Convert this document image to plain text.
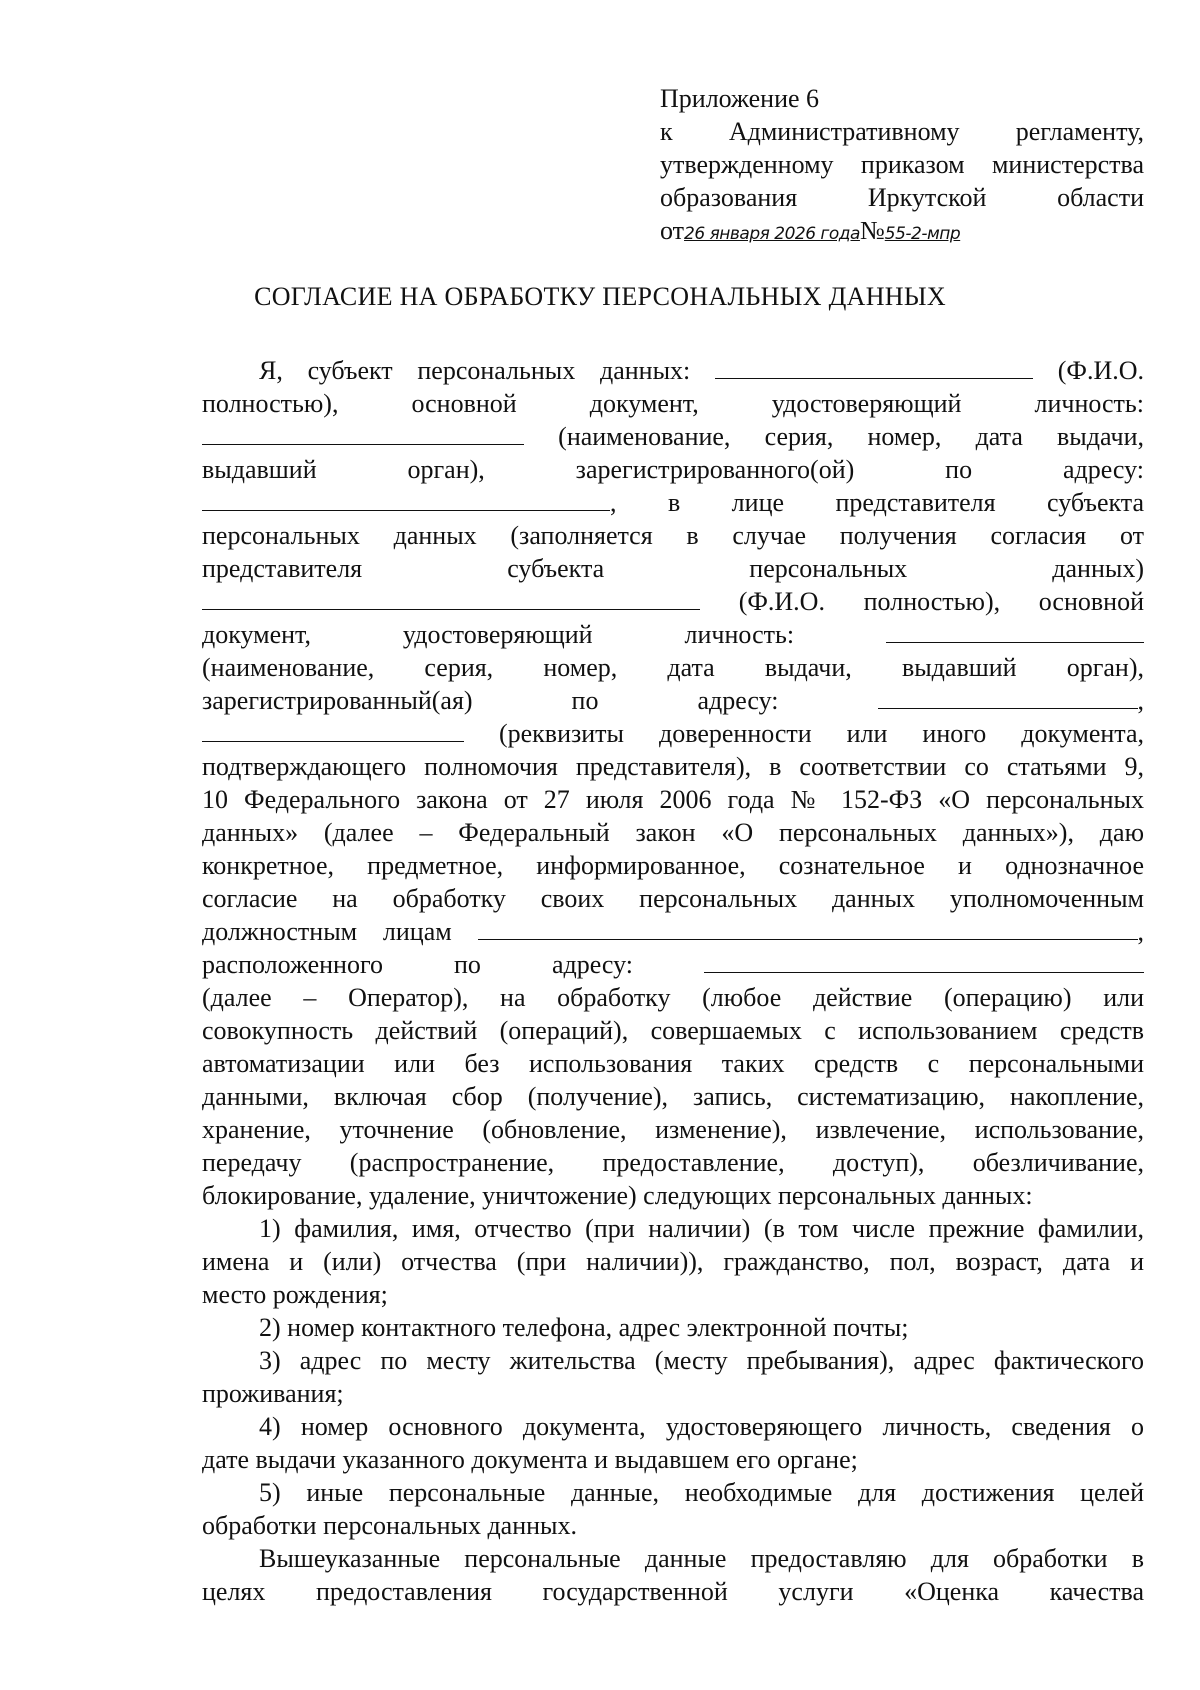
Приложение 6
к Административному регламенту,
утвержденному приказом министерства
образования Иркутской области
от26 января 2026 года№55-2-мпр
СОГЛАСИЕ НА ОБРАБОТКУ ПЕРСОНАЛЬНЫХ ДАННЫХ
Я, субъект персональных данных:	(Ф.И.О.
полностью), основной документ, удостоверяющий личность:
(наименование, серия, номер, дата выдачи,
выдавший орган), зарегистрированного(ой) по адресу:
, в лице представителя субъекта
персональных данных (заполняется в случае получения согласия от
представителя субъекта персональных данных)
(Ф.И.О. полностью), основной
документ, удостоверяющий личность:
(наименование, серия, номер, дата выдачи, выдавший орган),
зарегистрированный(ая) по адресу:	,
(реквизиты доверенности или иного документа,
подтверждающего полномочия представителя), в соответствии со статьями 9,
10 Федерального закона от 27 июля 2006 года № 152-ФЗ «О персональных
данных» (далее – Федеральный закон «О персональных данных»), даю
конкретное, предметное, информированное, сознательное и однозначное
согласие на обработку своих персональных данных уполномоченным
должностным лицам	,
расположенного по адресу:
(далее – Оператор), на обработку (любое действие (операцию) или
совокупность действий (операций), совершаемых с использованием средств
автоматизации или без использования таких средств с персональными
данными, включая сбор (получение), запись, систематизацию, накопление,
хранение, уточнение (обновление, изменение), извлечение, использование,
передачу (распространение, предоставление, доступ), обезличивание,
блокирование, удаление, уничтожение) следующих персональных данных:
1) фамилия, имя, отчество (при наличии) (в том числе прежние фамилии,
имена и (или) отчества (при наличии)), гражданство, пол, возраст, дата и
место рождения;
2) номер контактного телефона, адрес электронной почты;
3) адрес по месту жительства (месту пребывания), адрес фактического
проживания;
4) номер основного документа, удостоверяющего личность, сведения о
дате выдачи указанного документа и выдавшем его органе;
5) иные персональные данные, необходимые для достижения целей
обработки персональных данных.
Вышеуказанные персональные данные предоставляю для обработки в
целях предоставления государственной услуги «Оценка качества
